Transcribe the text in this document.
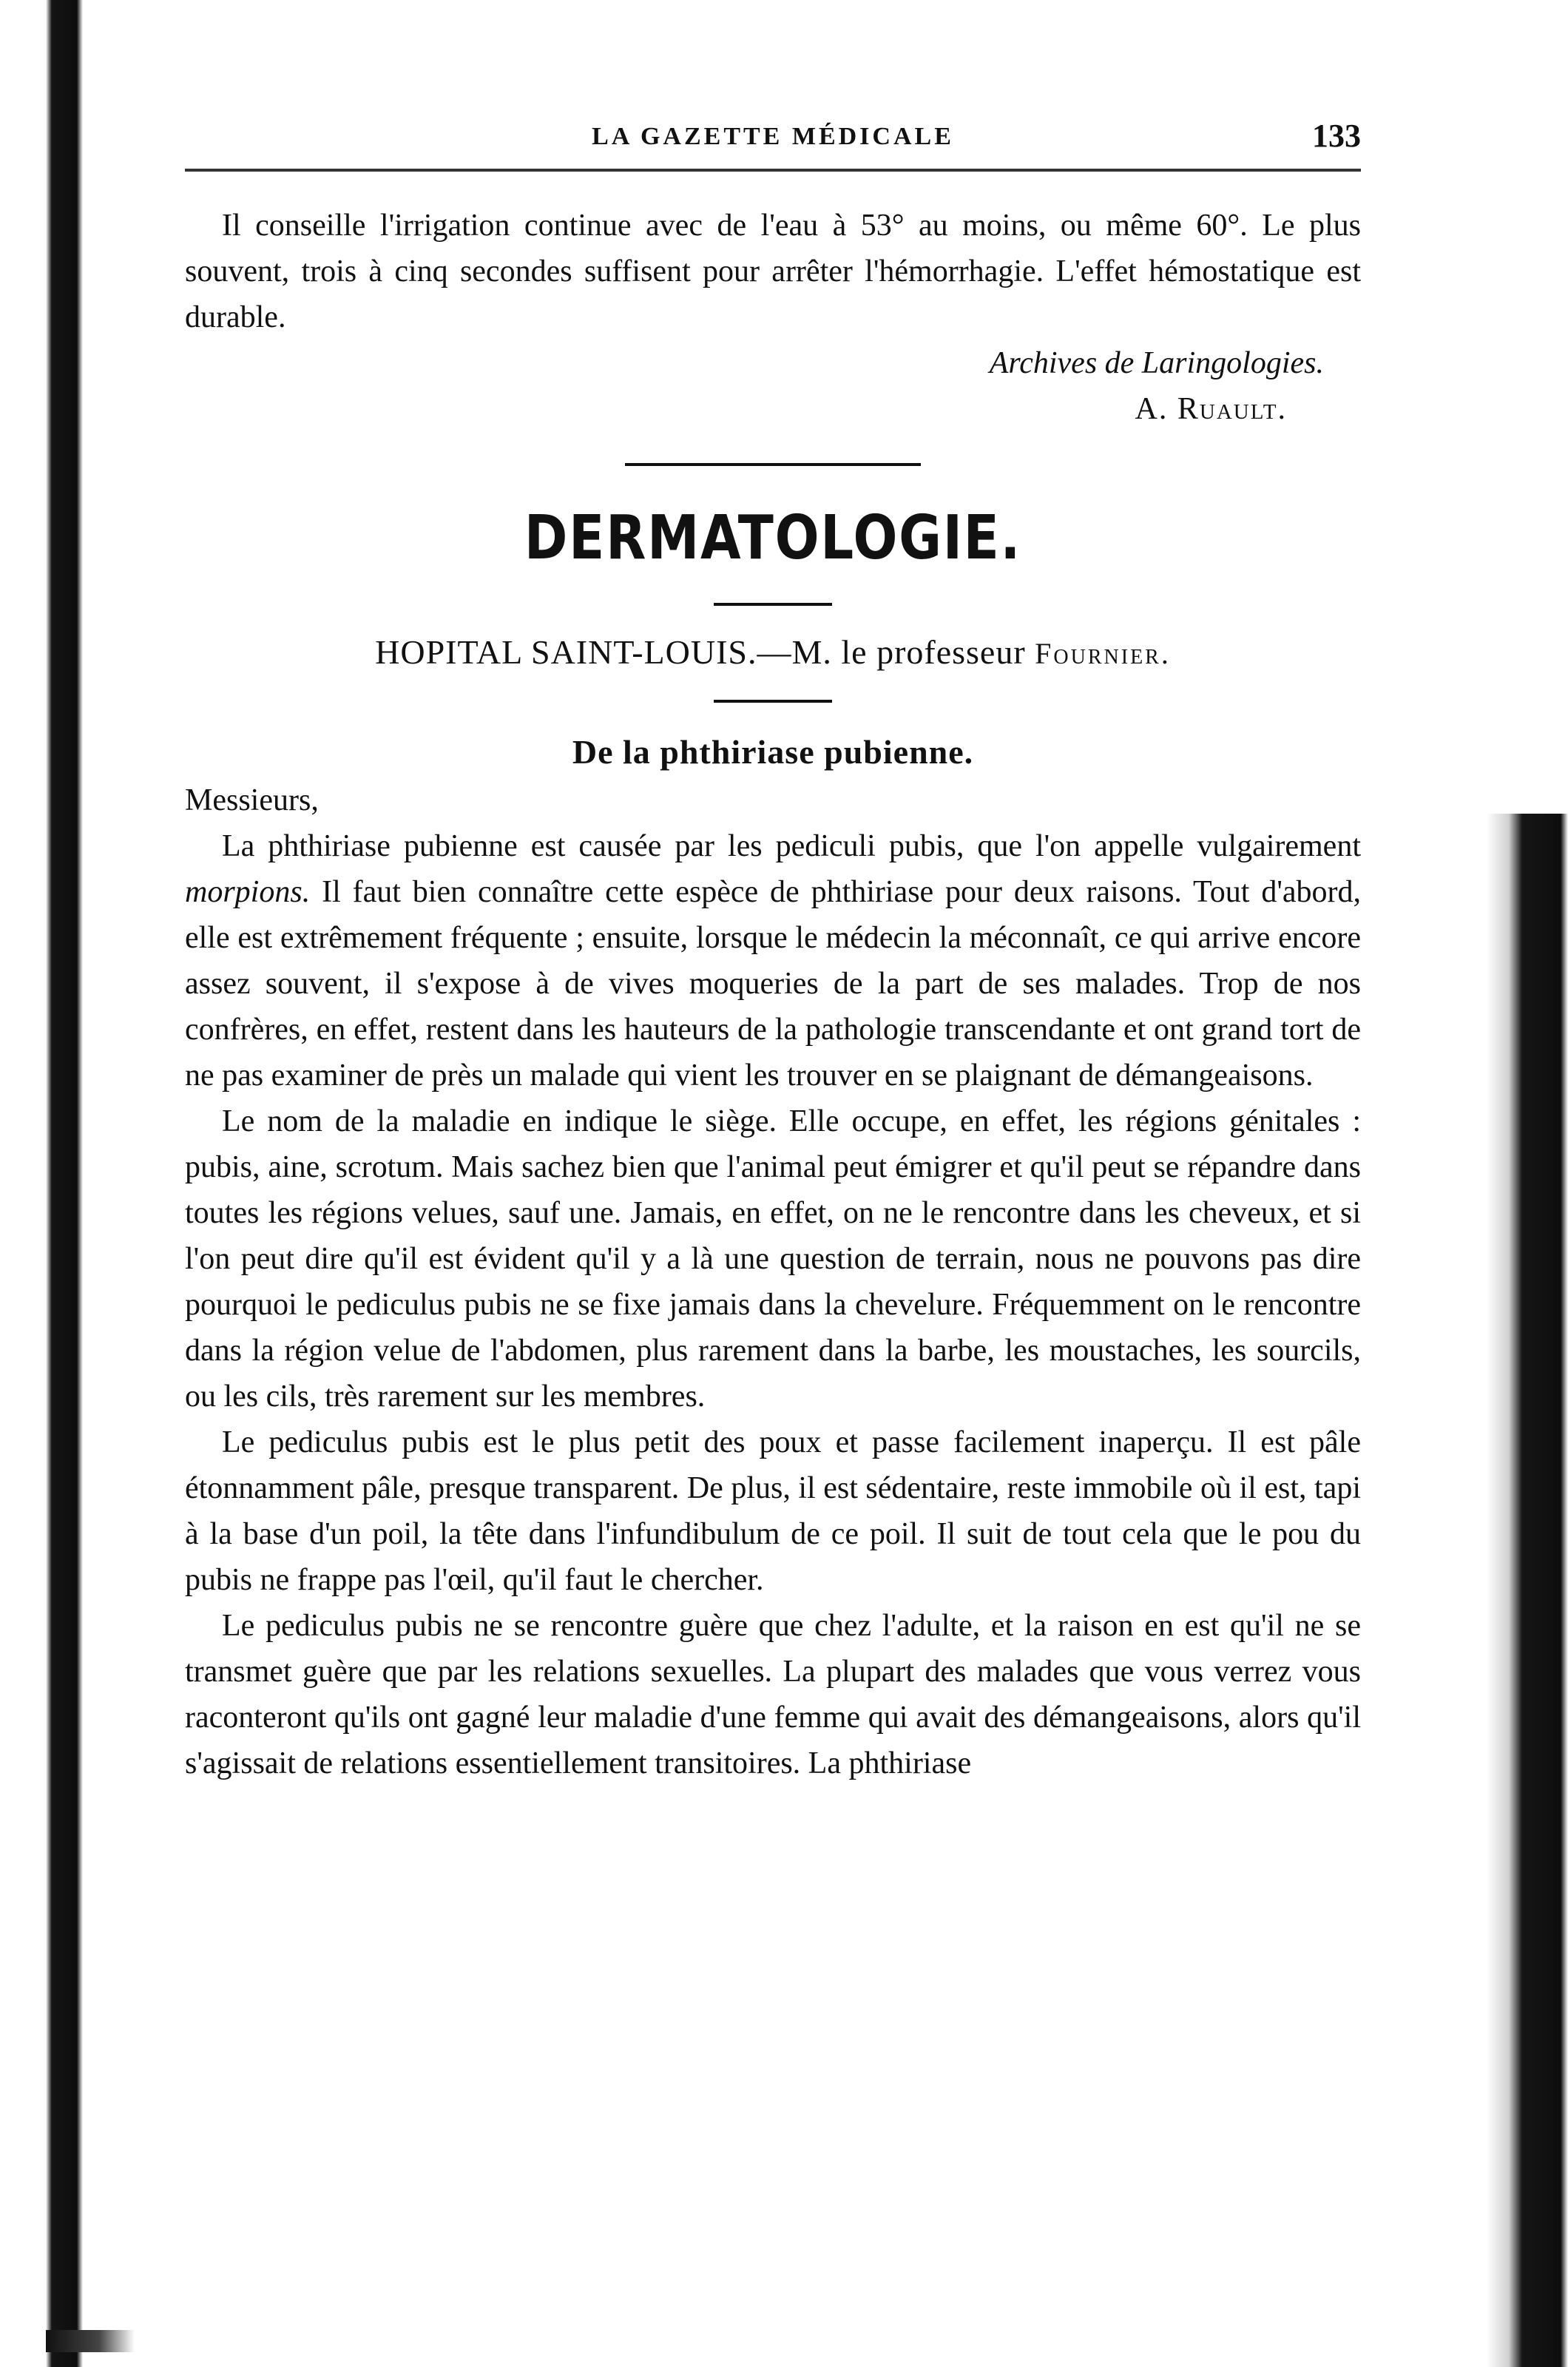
LA GAZETTE MÉDICALE	133

Il conseille l'irrigation continue avec de l'eau à 53° au moins, ou même 60°. Le plus souvent, trois à cinq secondes suffisent pour arrêter l'hémorrhagie. L'effet hémostatique est durable.

Archives de Laringologies.
A. Ruault.
DERMATOLOGIE.
HOPITAL SAINT-LOUIS.—M. le professeur Fournier.
De la phthiriase pubienne.

Messieurs,

La phthiriase pubienne est causée par les pediculi pubis, que l'on appelle vulgairement morpions. Il faut bien connaître cette espèce de phthiriase pour deux raisons. Tout d'abord, elle est extrêmement fréquente ; ensuite, lorsque le médecin la méconnaît, ce qui arrive encore assez souvent, il s'expose à de vives moqueries de la part de ses malades. Trop de nos confrères, en effet, restent dans les hauteurs de la pathologie transcendante et ont grand tort de ne pas examiner de près un malade qui vient les trouver en se plaignant de démangeaisons.

Le nom de la maladie en indique le siège. Elle occupe, en effet, les régions génitales : pubis, aine, scrotum. Mais sachez bien que l'animal peut émigrer et qu'il peut se répandre dans toutes les régions velues, sauf une. Jamais, en effet, on ne le rencontre dans les cheveux, et si l'on peut dire qu'il est évident qu'il y a là une question de terrain, nous ne pouvons pas dire pourquoi le pediculus pubis ne se fixe jamais dans la chevelure. Fréquemment on le rencontre dans la région velue de l'abdomen, plus rarement dans la barbe, les moustaches, les sourcils, ou les cils, très rarement sur les membres.

Le pediculus pubis est le plus petit des poux et passe facilement inaperçu. Il est pâle étonnamment pâle, presque transparent. De plus, il est sédentaire, reste immobile où il est, tapi à la base d'un poil, la tête dans l'infundibulum de ce poil. Il suit de tout cela que le pou du pubis ne frappe pas l'œil, qu'il faut le chercher.

Le pediculus pubis ne se rencontre guère que chez l'adulte, et la raison en est qu'il ne se transmet guère que par les relations sexuelles. La plupart des malades que vous verrez vous raconteront qu'ils ont gagné leur maladie d'une femme qui avait des démangeaisons, alors qu'il s'agissait de relations essentiellement transitoires. La phthiriase
